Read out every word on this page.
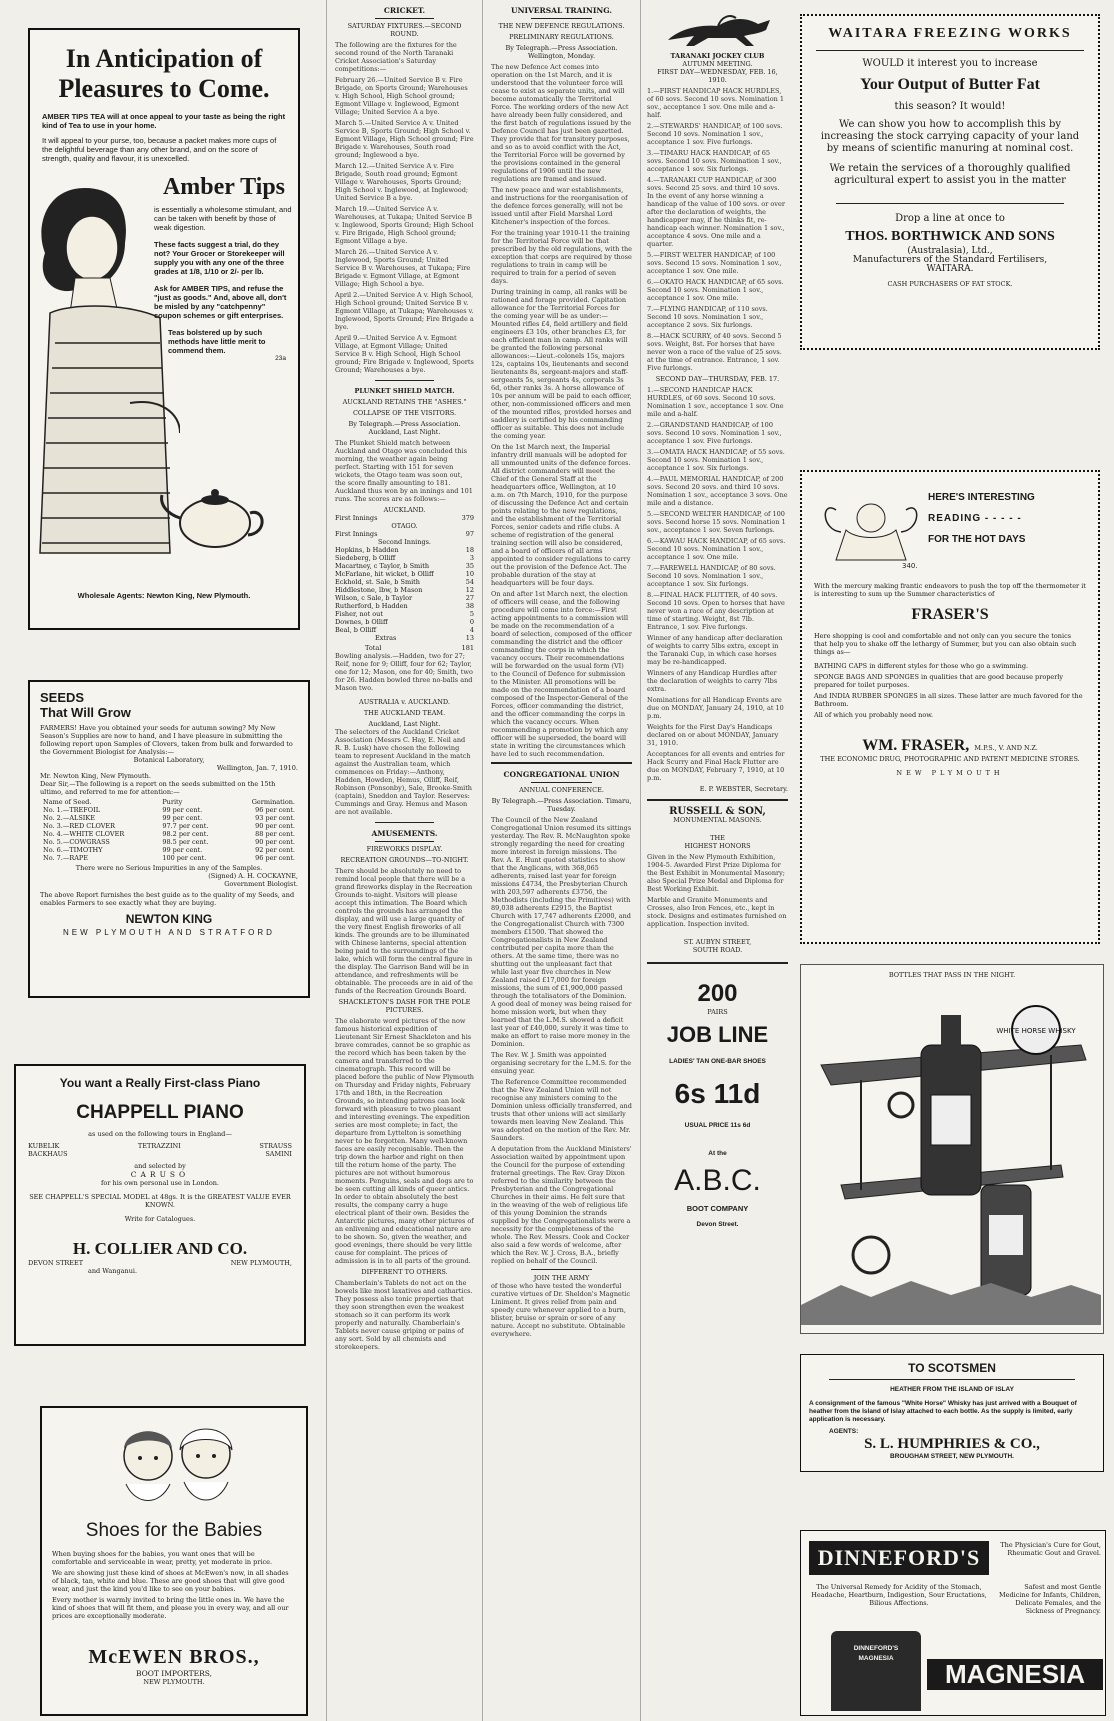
In Anticipation of Pleasures to Come.
AMBER TIPS TEA will at once appeal to your taste as being the right kind of Tea to use in your home.
It will appeal to your purse, too, because a packet makes more cups of the delightful beverage than any other brand, and on the score of strength, quality and flavour, it is unexcelled.
Amber Tips
is essentially a wholesome stimulant, and can be taken with benefit by those of weak digestion.
These facts suggest a trial, do they not? Your Grocer or Storekeeper will supply you with any one of the three grades at 1/8, 1/10 or 2/- per lb.
Ask for AMBER TIPS, and refuse the "just as goods." And, above all, don't be misled by any "catchpenny" coupon schemes or gift enterprises.
Teas bolstered up by such methods have little merit to commend them.
23a
Wholesale Agents: Newton King, New Plymouth.
SEEDS
That Will Grow
FARMERS! Have you obtained your seeds for autumn sowing? My New Season's Supplies are now to hand, and I have pleasure in submitting the following report upon Samples of Clovers, taken from bulk and forwarded to the Government Biologist for Analysis:—
Botanical Laboratory,
Wellington, Jan. 7, 1910.
Mr. Newton King, New Plymouth.
Dear Sir,—The following is a report on the seeds submitted on the 15th ultimo, and referred to me for attention:—
Name of Seed.	Purity	Germination.
No. 1.—TREFOIL	99 per cent.	96 per cent.
No. 2.—ALSIKE	99 per cent.	93 per cent.
No. 3.—RED CLOVER	97.7 per cent.	90 per cent.
No. 4.—WHITE CLOVER	98.2 per cent.	88 per cent.
No. 5.—COWGRASS	98.5 per cent.	90 per cent.
No. 6.—TIMOTHY	99 per cent.	92 per cent.
No. 7.—RAPE	100 per cent.	96 per cent.
There were no Serious Impurities in any of the Samples.
(Signed) A. H. COCKAYNE,
Government Biologist.
The above Report furnishes the best guide as to the quality of my Seeds, and enables Farmers to see exactly what they are buying.
NEWTON KING
NEW PLYMOUTH AND STRATFORD
You want a Really First-class Piano
CHAPPELL PIANO
as used on the following tours in England—
KUBELIK	TETRAZZINI	STRAUSS
BACKHAUS	SAMINI
and selected by
CARUSO
for his own personal use in London.
SEE CHAPPELL'S SPECIAL MODEL at 48gs. It is the GREATEST VALUE EVER KNOWN.
Write for Catalogues.
H. COLLIER AND CO.
DEVON STREET	NEW PLYMOUTH,
and Wanganui.
Shoes for the Babies
When buying shoes for the babies, you want ones that will be comfortable and serviceable in wear, pretty, yet moderate in price.
We are showing just these kind of shoes at McEwen's now, in all shades of black, tan, white and blue. These are good shoes that will give good wear, and just the kind you'd like to see on your babies.
Every mother is warmly invited to bring the little ones in. We have the kind of shoes that will fit them, and please you in every way, and all our prices are exceptionally moderate.
McEWEN BROS.,
BOOT IMPORTERS,
NEW PLYMOUTH.
CRICKET.
SATURDAY FIXTURES.—SECOND ROUND.

The following are the fixtures for the second round of the North Taranaki Cricket Association's Saturday competitions:—

February 26.—United Service B v. Fire Brigade, on Sports Ground; Warehouses v. High School, High School ground; Egmont Village v. Inglewood, Egmont Village; United Service A a bye.

March 5.—United Service A v. United Service B, Sports Ground; High School v. Egmont Village, High School ground; Fire Brigade v. Warehouses, South road ground; Inglewood a bye.

March 12.—United Service A v. Fire Brigade, South road ground; Egmont Village v. Warehouses, Sports Ground; High School v. Inglewood, at Inglewood; United Service B a bye.

March 19.—United Service A v. Warehouses, at Tukapa; United Service B v. Inglewood, Sports Ground; High School v. Fire Brigade, High School ground; Egmont Village a bye.

March 26.—United Service A v. Inglewood, Sports Ground; United Service B v. Warehouses, at Tukapa; Fire Brigade v. Egmont Village, at Egmont Village; High School a bye.

April 2.—United Service A v. High School, High School ground; United Service B v. Egmont Village, at Tukapa; Warehouses v. Inglewood, Sports Ground; Fire Brigade a bye.

April 9.—United Service A v. Egmont Village, at Egmont Village; United Service B v. High School, High School ground; Fire Brigade v. Inglewood, Sports Ground; Warehouses a bye.

PLUNKET SHIELD MATCH.
AUCKLAND RETAINS THE "ASHES."
COLLAPSE OF THE VISITORS.
By Telegraph.—Press Association. Auckland, Last Night.
The Plunket Shield match between Auckland and Otago was concluded this morning, the weather again being perfect. Starting with 151 for seven wickets, the Otago team was soon out, the score finally amounting to 181. Auckland thus won by an innings and 101 runs. The scores are as follows:—
AUCKLAND.
First Innings	379
OTAGO.
First Innings	97
Second Innings.
Hopkins, b Hadden	18
Siedeberg, b Olliff	3
Macartney, c Taylor, b Smith	35
McFarlane, hit wicket, b Olliff	10
Eckhold, st. Sale, b Smith	54
Hiddlestone, lbw, b Mason	12
Wilson, c Sale, b Taylor	27
Rutherford, b Hadden	38
Fisher, not out	5
Downes, b Olliff	0
Beal, b Olliff	4
Extras	13
Total	181
Bowling analysis.—Hadden, two for 27; Reif, none for 9; Olliff, four for 62; Taylor, one for 12; Mason, one for 40; Smith, two for 26. Hadden bowled three no-balls and Mason two.
AUSTRALIA v. AUCKLAND.
THE AUCKLAND TEAM.
Auckland, Last Night.
The selectors of the Auckland Cricket Association (Messrs C. Hay, E. Neil and R. B. Lusk) have chosen the following team to represent Auckland in the match against the Australian team, which commences on Friday:—Anthony, Hadden, Howden, Hemus, Olliff, Reif, Robinson (Ponsonby), Sale, Brooke-Smith (captain), Sneddon and Taylor. Reserves: Cummings and Gray. Hemus and Mason are not available.
AMUSEMENTS.
FIREWORKS DISPLAY.
RECREATION GROUNDS—TO-NIGHT.
There should be absolutely no need to remind local people that there will be a grand fireworks display in the Recreation Grounds to-night. Visitors will please accept this intimation. The Board which controls the grounds has arranged the display, and will use a large quantity of the very finest English fireworks of all kinds. The grounds are to be illuminated with Chinese lanterns, special attention being paid to the surroundings of the lake, which will form the central figure in the display. The Garrison Band will be in attendance, and refreshments will be obtainable. The proceeds are in aid of the funds of the Recreation Grounds Board.
SHACKLETON'S DASH FOR THE POLE PICTURES.
The elaborate word pictures of the now famous historical expedition of Lieutenant Sir Ernest Shackleton and his brave comrades, cannot be so graphic as the record which has been taken by the camera and transferred to the cinematograph. This record will be placed before the public of New Plymouth on Thursday and Friday nights, February 17th and 18th, in the Recreation Grounds, so intending patrons can look forward with pleasure to two pleasant and interesting evenings. The expedition series are most complete; in fact, the departure from Lyttelton is something never to be forgotten. Many well-known faces are easily recognisable. Then the trip down the harbor and right on then till the return home of the party. The pictures are not without humorous moments. Penguins, seals and dogs are to be seen cutting all kinds of queer antics. In order to obtain absolutely the best results, the company carry a huge electrical plant of their own. Besides the Antarctic pictures, many other pictures of an enlivening and educational nature are to be shown. So, given the weather, and good evenings, there should be very little cause for complaint. The prices of admission is in to all parts of the ground.
DIFFERENT TO OTHERS.
Chamberlain's Tablets do not act on the bowels like most laxatives and cathartics. They possess also tonic properties that they soon strengthen even the weakest stomach so it can perform its work properly and naturally. Chamberlain's Tablets never cause griping or pains of any sort. Sold by all chemists and storekeepers.
UNIVERSAL TRAINING.
THE NEW DEFENCE REGULATIONS.
PRELIMINARY REGULATIONS.
By Telegraph.—Press Association. Wellington, Monday.

The new Defence Act comes into operation on the 1st March, and it is understood that the volunteer force will cease to exist as separate units, and will become automatically the Territorial Force. The working orders of the new Act have already been fully considered, and the first batch of regulations issued by the Defence Council has just been gazetted. They provide that for transitory purposes, and so as to avoid conflict with the Act, the Territorial Force will be governed by the provisions contained in the general regulations of 1906 until the new regulations are framed and issued.

The new peace and war establishments, and instructions for the reorganisation of the defence forces generally, will not be issued until after Field Marshal Lord Kitchener's inspection of the forces.

For the training year 1910-11 the training for the Territorial Force will be that prescribed by the old regulations, with the exception that corps are required by those regulations to train in camp will be required to train for a period of seven days.

During training in camp, all ranks will be rationed and forage provided. Capitation allowance for the Territorial Forces for the coming year will be as under:—Mounted rifles £4, field artillery and field engineers £3 10s, other branches £3, for each efficient man in camp. All ranks will be granted the following personal allowances:—Lieut.-colonels 15s, majors 12s, captains 10s, lieutenants and second lieutenants 8s, sergeant-majors and staff-sergeants 5s, sergeants 4s, corporals 3s 6d, other ranks 3s. A horse allowance of 10s per annum will be paid to each officer, other, non-commissioned officers and men of the mounted rifles, provided horses and saddlery is certified by his commanding officer as suitable. This does not include the coming year.

On the 1st March next, the Imperial infantry drill manuals will be adopted for all unmounted units of the defence forces. All district commanders will meet the Chief of the General Staff at the headquarters office, Wellington, at 10 a.m. on 7th March, 1910, for the purpose of discussing the Defence Act and certain points relating to the new regulations, and the establishment of the Territorial Forces, senior cadets and rifle clubs. A scheme of registration of the general training section will also be considered, and a board of officers of all arms appointed to consider regulations to carry out the provision of the Defence Act. The probable duration of the stay at headquarters will be four days.

On and after 1st March next, the election of officers will cease, and the following procedure will come into force:—First acting appointments to a commission will be made on the recommendation of a board of selection, composed of the officer commanding the district and the officer commanding the corps in which the vacancy occurs. Their recommendations will be forwarded on the usual form (VI) to the Council of Defence for submission to the Minister. All promotions will be made on the recommendation of a board composed of the Inspector-General of the Forces, officer commanding the district, and the officer commanding the corps in which the vacancy occurs. When recommending a promotion by which any officer will be superseded, the board will state in writing the circumstances which have led to such recommendation.

CONGREGATIONAL UNION
ANNUAL CONFERENCE.
By Telegraph.—Press Association. Timaru, Tuesday.

The Council of the New Zealand Congregational Union resumed its sittings yesterday. The Rev. R. McNaughton spoke strongly regarding the need for creating more interest in foreign missions. The Rev. A. E. Hunt quoted statistics to show that the Anglicans, with 368,065 adherents, raised last year for foreign missions £4734, the Presbyterian Church with 203,597 adherents £3756, the Methodists (including the Primitives) with 89,038 adherents £2915, the Baptist Church with 17,747 adherents £2000, and the Congregationalist Church with 7300 members £1500. That showed the Congregationalists in New Zealand contributed per capita more than the others. At the same time, there was no shutting out the unpleasant fact that while last year five churches in New Zealand raised £17,000 for foreign missions, the sum of £1,900,000 passed through the totalisators of the Dominion. A good deal of money was being raised for home mission work, but when they learned that the L.M.S. showed a deficit last year of £40,000, surely it was time to make an effort to raise more money in the Dominion.

The Rev. W. J. Smith was appointed organising secretary for the L.M.S. for the ensuing year.

The Reference Committee recommended that the New Zealand Union will not recognise any ministers coming to the Dominion unless officially transferred, and trusts that other unions will act similarly towards men leaving New Zealand. This was adopted on the motion of the Rev. Mr. Saunders.

A deputation from the Auckland Ministers' Association waited by appointment upon the Council for the purpose of extending fraternal greetings. The Rev. Gray Dixon referred to the similarity between the Presbyterian and the Congregational Churches in their aims. He felt sure that in the weaving of the web of religious life of this young Dominion the strands supplied by the Congregationalists were a necessity for the completeness of the whole. The Rev. Messrs. Cook and Cocker also said a few words of welcome, after which the Rev. W. J. Cross, B.A., briefly replied on behalf of the Council.

JOIN THE ARMY
of those who have tested the wonderful curative virtues of Dr. Sheldon's Magnetic Liniment. It gives relief from pain and speedy cure whenever applied to a burn, blister, bruise or sprain or sore of any nature. Accept no substitute. Obtainable everywhere.
TARANAKI JOCKEY CLUB
AUTUMN MEETING.
FIRST DAY—WEDNESDAY, FEB. 16, 1910.

1.—FIRST HANDICAP HACK HURDLES, of 60 sovs. Second 10 sovs. Nomination 1 sov., acceptance 1 sov. One mile and a-half.

2.—STEWARDS' HANDICAP, of 100 sovs. Second 10 sovs. Nomination 1 sov., acceptance 1 sov. Five furlongs.

3.—TIMARU HACK HANDICAP, of 65 sovs. Second 10 sovs. Nomination 1 sov., acceptance 1 sov. Six furlongs.

4.—TARANAKI CUP HANDICAP, of 300 sovs. Second 25 sovs. and third 10 sovs. In the event of any horse winning a handicap of the value of 100 sovs. or over after the declaration of weights, the handicapper may, if he thinks fit, re-handicap each winner. Nomination 1 sov., acceptance 4 sovs. One mile and a quarter.

5.—FIRST WELTER HANDICAP, of 100 sovs. Second 15 sovs. Nomination 1 sov., acceptance 1 sov. One mile.

6.—OKATO HACK HANDICAP, of 65 sovs. Second 10 sovs. Nomination 1 sov., acceptance 1 sov. One mile.

7.—FLYING HANDICAP, of 110 sovs. Second 10 sovs. Nomination 1 sov., acceptance 2 sovs. Six furlongs.

8.—HACK SCURRY, of 40 sovs. Second 5 sovs. Weight, 8st. For horses that have never won a race of the value of 25 sovs. at the time of entrance. Entrance, 1 sov. Five furlongs.

SECOND DAY—THURSDAY, FEB. 17.

1.—SECOND HANDICAP HACK HURDLES, of 60 sovs. Second 10 sovs. Nomination 1 sov., acceptance 1 sov. One mile and a-half.

2.—GRANDSTAND HANDICAP, of 100 sovs. Second 10 sovs. Nomination 1 sov., acceptance 1 sov. Five furlongs.

3.—OMATA HACK HANDICAP, of 55 sovs. Second 10 sovs. Nomination 1 sov., acceptance 1 sov. Six furlongs.

4.—PAUL MEMORIAL HANDICAP, of 200 sovs. Second 20 sovs. and third 10 sovs. Nomination 1 sov., acceptance 3 sovs. One mile and a distance.

5.—SECOND WELTER HANDICAP, of 100 sovs. Second horse 15 sovs. Nomination 1 sov., acceptance 1 sov. Seven furlongs.

6.—KAWAU HACK HANDICAP, of 65 sovs. Second 10 sovs. Nomination 1 sov., acceptance 1 sov. One mile.

7.—FAREWELL HANDICAP, of 80 sovs. Second 10 sovs. Nomination 1 sov., acceptance 1 sov. Six furlongs.

8.—FINAL HACK FLUTTER, of 40 sovs. Second 10 sovs. Open to horses that have never won a race of any description at time of starting. Weight, 8st 7lb. Entrance, 1 sov. Five furlongs.

Winner of any handicap after declaration of weights to carry 5lbs extra, except in the Taranaki Cup, in which case horses may be re-handicapped.

Winners of any Handicap Hurdles after the declaration of weights to carry 7lbs extra.

Nominations for all Handicap Events are due on MONDAY, January 24, 1910, at 10 p.m.

Weights for the First Day's Handicaps declared on or about MONDAY, January 31, 1910.

Acceptances for all events and entries for Hack Scurry and Final Hack Flutter are due on MONDAY, February 7, 1910, at 10 p.m.

E. P. WEBSTER, Secretary.
RUSSELL & SON,
MONUMENTAL MASONS.
THE
HIGHEST HONORS
Given in the New Plymouth Exhibition, 1904-5. Awarded First Prize Diploma for the Best Exhibit in Monumental Masonry; also Special Prize Medal and Diploma for Best Working Exhibit.
Marble and Granite Monuments and Crosses, also Iron Fences, etc., kept in stock. Designs and estimates furnished on application. Inspection invited.
ST. AUBYN STREET,
SOUTH ROAD.
200
PAIRS
JOB LINE
LADIES' TAN ONE-BAR SHOES
6s 11d
USUAL PRICE 11s 6d
At the
A.B.C.
BOOT COMPANY
Devon Street.
WAITARA FREEZING WORKS
WOULD it interest you to increase
Your Output of Butter Fat
this season? It would!
We can show you how to accomplish this by increasing the stock carrying capacity of your land by means of scientific manuring at nominal cost.
We retain the services of a thoroughly qualified agricultural expert to assist you in the matter
Drop a line at once to
THOS. BORTHWICK AND SONS
(Australasia), Ltd.,
Manufacturers of the Standard Fertilisers,
WAITARA.
CASH PURCHASERS OF FAT STOCK.
340.
HERE'S INTERESTING
READING - - - - -
FOR THE HOT DAYS
With the mercury making frantic endeavors to push the top off the thermometer it is interesting to sum up the Summer characteristics of
FRASER'S
Here shopping is cool and comfortable and not only can you secure the tonics that help you to shake off the lethargy of Summer, but you can also obtain such things as—
BATHING CAPS in different styles for those who go a swimming.
SPONGE BAGS AND SPONGES in qualities that are good because properly prepared for toilet purposes.
And INDIA RUBBER SPONGES in all sizes. These latter are much favored for the Bathroom.
All of which you probably need now.
WM. FRASER, M.P.S., V. AND N.Z.
THE ECONOMIC DRUG, PHOTOGRAPHIC AND PATENT MEDICINE STORES.
NEW PLYMOUTH
BOTTLES THAT PASS IN THE NIGHT.
WHITE HORSE WHISKY
TO SCOTSMEN
HEATHER FROM THE ISLAND OF ISLAY
A consignment of the famous "White Horse" Whisky has just arrived with a Bouquet of heather from the Island of Islay attached to each bottle. As the supply is limited, early application is necessary.
AGENTS:
S. L. HUMPHRIES & CO.,
BROUGHAM STREET, NEW PLYMOUTH.
DINNEFORD'S	The Physician's Cure for Gout, Rheumatic Gout and Gravel.
The Universal Remedy for Acidity of the Stomach, Headache, Heartburn, Indigestion, Sour Eructations, Bilious Affections.
Safest and most Gentle Medicine for Infants, Children, Delicate Females, and the Sickness of Pregnancy.
DINNEFORD'S
MAGNESIA
MAGNESIA
